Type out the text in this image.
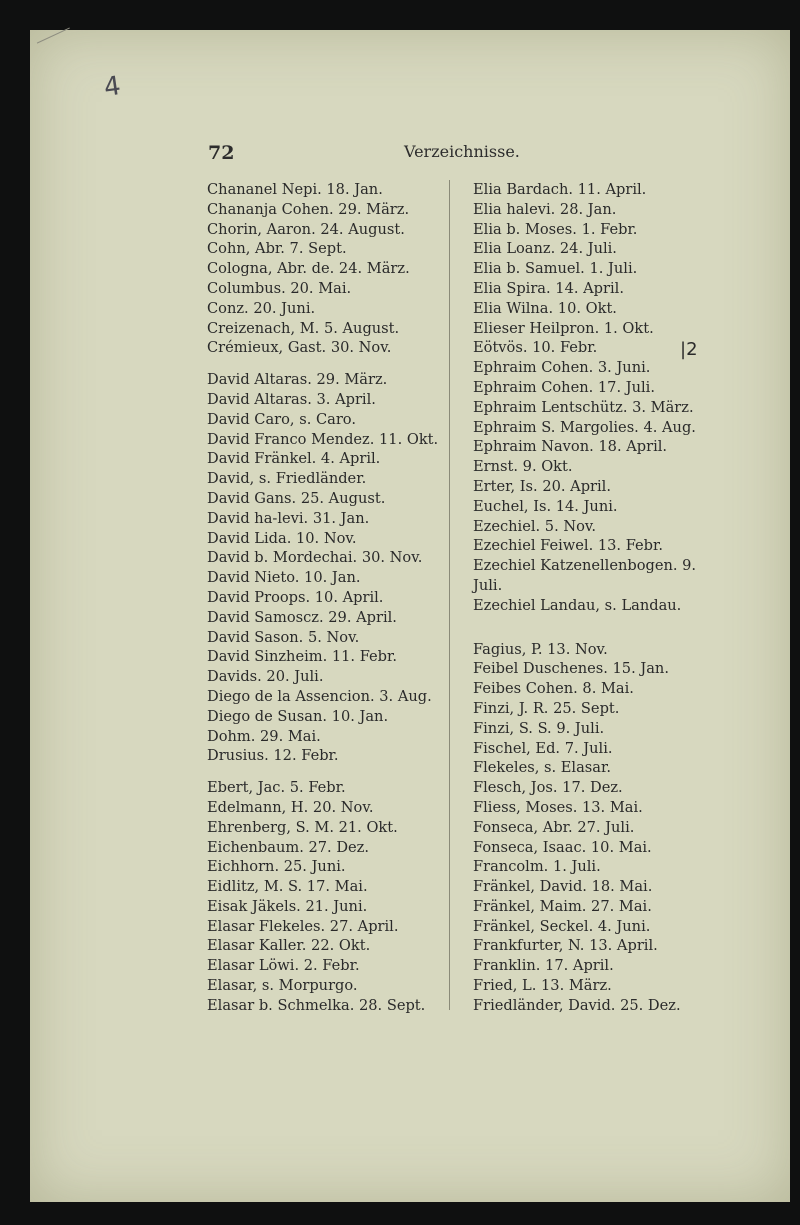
4
72	Verzeichnisse.
|2
Chananel Nepi. 18. Jan.
Chananja Cohen. 29. März.
Chorin, Aaron. 24. August.
Cohn, Abr. 7. Sept.
Cologna, Abr. de. 24. März.
Columbus. 20. Mai.
Conz. 20. Juni.
Creizenach, M. 5. August.
Crémieux, Gast. 30. Nov.
David Altaras. 29. März.
David Altaras. 3. April.
David Caro, s. Caro.
David Franco Mendez. 11. Okt.
David Fränkel. 4. April.
David, s. Friedländer.
David Gans. 25. August.
David ha-levi. 31. Jan.
David Lida. 10. Nov.
David b. Mordechai. 30. Nov.
David Nieto. 10. Jan.
David Proops. 10. April.
David Samoscz. 29. April.
David Sason. 5. Nov.
David Sinzheim. 11. Febr.
Davids. 20. Juli.
Diego de la Assencion. 3. Aug.
Diego de Susan. 10. Jan.
Dohm. 29. Mai.
Drusius. 12. Febr.
Ebert, Jac. 5. Febr.
Edelmann, H. 20. Nov.
Ehrenberg, S. M. 21. Okt.
Eichenbaum. 27. Dez.
Eichhorn. 25. Juni.
Eidlitz, M. S. 17. Mai.
Eisak Jäkels. 21. Juni.
Elasar Flekeles. 27. April.
Elasar Kaller. 22. Okt.
Elasar Löwi. 2. Febr.
Elasar, s. Morpurgo.
Elasar b. Schmelka. 28. Sept.
Elia Bardach. 11. April.
Elia halevi. 28. Jan.
Elia b. Moses. 1. Febr.
Elia Loanz. 24. Juli.
Elia b. Samuel. 1. Juli.
Elia Spira. 14. April.
Elia Wilna. 10. Okt.
Elieser Heilpron. 1. Okt.
Eötvös. 10. Febr.
Ephraim Cohen. 3. Juni.
Ephraim Cohen. 17. Juli.
Ephraim Lentschütz. 3. März.
Ephraim S. Margolies. 4. Aug.
Ephraim Navon. 18. April.
Ernst. 9. Okt.
Erter, Is. 20. April.
Euchel, Is. 14. Juni.
Ezechiel. 5. Nov.
Ezechiel Feiwel. 13. Febr.
Ezechiel Katzenellenbogen. 9. Juli.
Ezechiel Landau, s. Landau.
Fagius, P. 13. Nov.
Feibel Duschenes. 15. Jan.
Feibes Cohen. 8. Mai.
Finzi, J. R. 25. Sept.
Finzi, S. S. 9. Juli.
Fischel, Ed. 7. Juli.
Flekeles, s. Elasar.
Flesch, Jos. 17. Dez.
Fliess, Moses. 13. Mai.
Fonseca, Abr. 27. Juli.
Fonseca, Isaac. 10. Mai.
Francolm. 1. Juli.
Fränkel, David. 18. Mai.
Fränkel, Maim. 27. Mai.
Fränkel, Seckel. 4. Juni.
Frankfurter, N. 13. April.
Franklin. 17. April.
Fried, L. 13. März.
Friedländer, David. 25. Dez.
